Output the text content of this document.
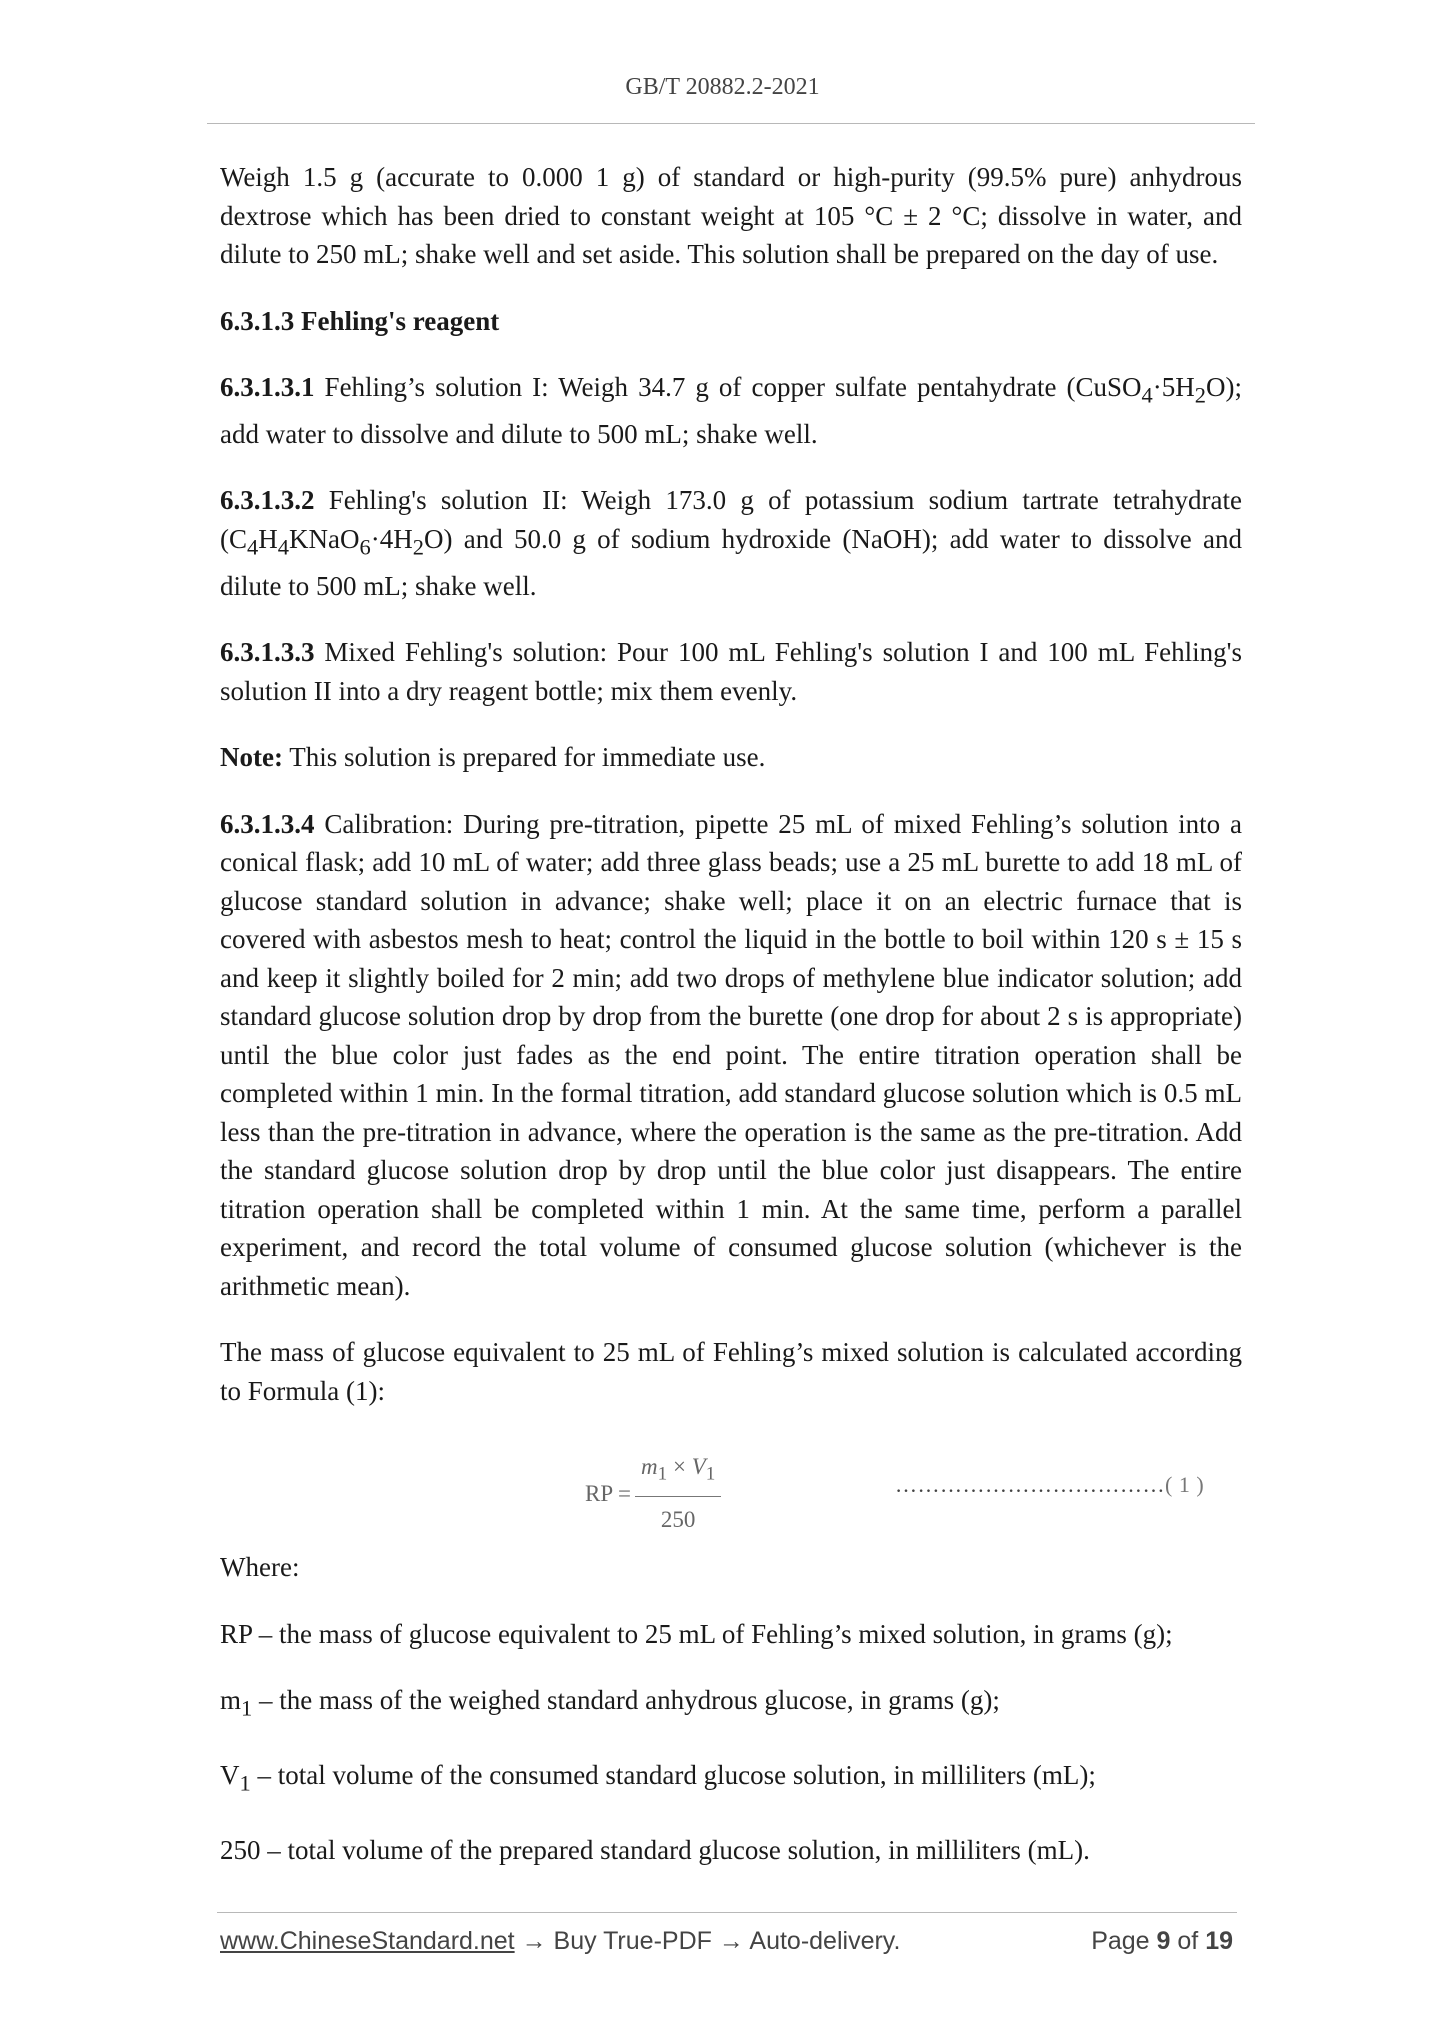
GB/T 20882.2-2021

Weigh 1.5 g (accurate to 0.000 1 g) of standard or high-purity (99.5% pure) anhydrous dextrose which has been dried to constant weight at 105 °C ± 2 °C; dissolve in water, and dilute to 250 mL; shake well and set aside. This solution shall be prepared on the day of use.

6.3.1.3 Fehling's reagent

6.3.1.3.1 Fehling’s solution I: Weigh 34.7 g of copper sulfate pentahydrate $(CuSO_4\cdot 5H_2O)$; add water to dissolve and dilute to 500 mL; shake well.

6.3.1.3.2 Fehling's solution II: Weigh 173.0 g of potassium sodium tartrate tetrahydrate $(C_4H_4KNaO_6\cdot 4H_2O)$ and 50.0 g of sodium hydroxide (NaOH); add water to dissolve and dilute to 500 mL; shake well.

6.3.1.3.3 Mixed Fehling's solution: Pour 100 mL Fehling's solution I and 100 mL Fehling's solution II into a dry reagent bottle; mix them evenly.

Note: This solution is prepared for immediate use.

6.3.1.3.4 Calibration: During pre-titration, pipette 25 mL of mixed Fehling’s solution into a conical flask; add 10 mL of water; add three glass beads; use a 25 mL burette to add 18 mL of glucose standard solution in advance; shake well; place it on an electric furnace that is covered with asbestos mesh to heat; control the liquid in the bottle to boil within 120 s ± 15 s and keep it slightly boiled for 2 min; add two drops of methylene blue indicator solution; add standard glucose solution drop by drop from the burette (one drop for about 2 s is appropriate) until the blue color just fades as the end point. The entire titration operation shall be completed within 1 min. In the formal titration, add standard glucose solution which is 0.5 mL less than the pre-titration in advance, where the operation is the same as the pre-titration. Add the standard glucose solution drop by drop until the blue color just disappears. The entire titration operation shall be completed within 1 min. At the same time, perform a parallel experiment, and record the total volume of consumed glucose solution (whichever is the arithmetic mean).

The mass of glucose equivalent to 25 mL of Fehling’s mixed solution is calculated according to Formula (1):

RP = $\frac{m_1 \times V_1}{250}$	………………………………( 1 )

Where:

RP – the mass of glucose equivalent to 25 mL of Fehling’s mixed solution, in grams (g);

$m_1$ – the mass of the weighed standard anhydrous glucose, in grams (g);

$V_1$ – total volume of the consumed standard glucose solution, in milliliters (mL);

250 – total volume of the prepared standard glucose solution, in milliliters (mL).

www.ChineseStandard.net → Buy True-PDF → Auto-delivery.	Page 9 of 19
